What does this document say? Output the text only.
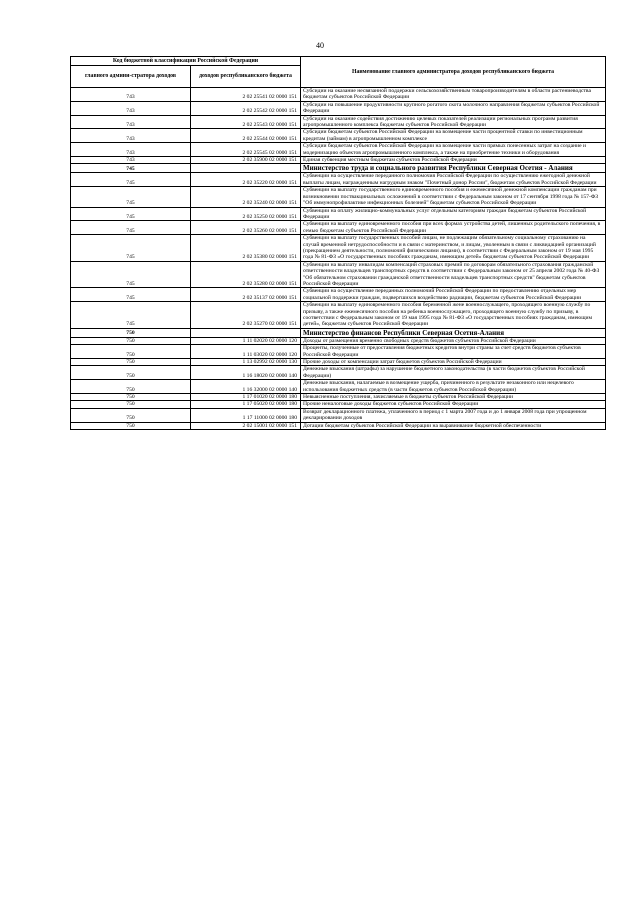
40
Код бюджетной классификации Российской Федерации		Наименование главного администратора доходов республиканского бюджета
главного админи-стратора доходов	доходов республиканского бюджета	
743	2 02 25541 02 0000 151	Субсидии на оказание несвязанной поддержки сельскохозяйственным товаропроизводителям в области растениеводства бюджетам субъектов Российской Федерации
743	2 02 25542 02 0000 151	Субсидии на повышение продуктивности крупного рогатого скота молочного направления бюджетам субъектов Российской Федерации
743	2 02 25543 02 0000 151	Субсидии на оказание содействия достижению целевых показателей реализации региональных программ развития агропромышленного комплекса бюджетам субъектов Российской Федерации
743	2 02 25544 02 0000 151	Субсидии бюджетам субъектов Российской Федерации на возмещение части процентной ставки по инвестиционным кредитам (займам) в агропромышленном комплексе
743	2 02 25545 02 0000 151	Субсидии бюджетам субъектов Российской Федерации на возмещение части прямых понесенных затрат на создание и модернизацию объектов агропромышленного комплекса, а также на приобретение техники и оборудования
743	2 02 35900 02 0000 151	Единая субвенция местным бюджетам субъектов Российской Федерации
745		Министерство труда и социального развития Республики Северная Осетия - Алания
745	2 02 35220 02 0000 151	Субвенции на осуществление переданного полномочия Российской Федерации по осуществлению ежегодной денежной выплаты лицам, награжденным нагрудным знаком "Почетный донор России", бюджетам субъектов Российской Федерации
745	2 02 35240 02 0000 151	Субвенции на выплату государственного единовременного пособия и ежемесячной денежной компенсации гражданам при возникновении поствакцинальных осложнений в соответствии с Федеральным законом от 17 сентября 1998 года № 157-ФЗ "Об иммунопрофилактике инфекционных болезней" бюджетам субъектов Российской Федерации
745	2 02 35250 02 0000 151	Субвенции на оплату жилищно-коммунальных услуг отдельным категориям граждан бюджетам субъектов Российской Федерации
745	2 02 35260 02 0000 151	Субвенции на выплату единовременного пособия при всех формах устройства детей, лишенных родительского попечения, в семью бюджетам субъектов Российской Федерации
745	2 02 35380 02 0000 151	Субвенции на выплату государственных пособий лицам, не подлежащим обязательному социальному страхованию на случай временной нетрудоспособности и в связи с материнством, и лицам, уволенным в связи с ликвидацией организаций (прекращением деятельности, полномочий физическими лицами), в соответствии с Федеральным законом от 19 мая 1995 года № 81-ФЗ «О государственных пособиях гражданам, имеющим детей» бюджетам субъектов Российской Федерации
745	2 02 35280 02 0000 151	Субвенции на выплату инвалидам компенсаций страховых премий по договорам обязательного страхования гражданской ответственности владельцев транспортных средств в соответствии с Федеральным законом от 25 апреля 2002 года № 40-ФЗ "Об обязательном страховании гражданской ответственности владельцев транспортных средств" бюджетам субъектов Российской Федерации
745	2 02 35137 02 0000 151	Субвенции на осуществление переданных полномочий Российской Федерации по предоставлению отдельных мер социальной поддержки граждан, подвергшихся воздействию радиации, бюджетам субъектов Российской Федерации
745	2 02 35270 02 0000 151	Субвенции на выплату единовременного пособия беременной жене военнослужащего, проходящего военную службу по призыву, а также ежемесячного пособия на ребенка военнослужащего, проходящего военную службу по призыву, в соответствии с Федеральным законом от 19 мая 1995 года № 81-ФЗ «О государственных пособиях гражданам, имеющим детей», бюджетам субъектов Российской Федерации
750		Министерство финансов Республики Северная Осетия-Алания
750	1 11 02020 02 0000 120	Доходы от размещения временно свободных средств бюджетов субъектов Российской Федерации
750	1 11 03020 02 0000 120	Проценты, полученные от предоставления бюджетных кредитов внутри страны за счет средств бюджетов субъектов Российской Федерации
750	1 13 02992 02 0000 130	Прочие доходы от компенсации затрат бюджетов субъектов Российской Федерации
750	1 16 18020 02 0000 140	Денежные взыскания (штрафы) за нарушение бюджетного законодательства (в части бюджетов субъектов Российской Федерации)
750	1 16 32000 02 0000 140	Денежные взыскания, налагаемые в возмещение ущерба, причиненного в результате незаконного или нецелевого использования бюджетных средств (в части бюджетов субъектов Российской Федерации)
750	1 17 01020 02 0000 180	Невыясненные поступления, зачисляемые в бюджеты субъектов Российской Федерации
750	1 17 05020 02 0000 180	Прочие неналоговые доходы бюджетов субъектов Российской Федерации
750	1 17 11000 02 0000 180	Возврат декларационного платежа, уплаченного в период с 1 марта 2007 года и до 1 января 2008 года при упрощенном декларировании доходов
750	2 02 15001 02 0000 151	Дотации бюджетам субъектов Российской Федерации на выравнивание бюджетной обеспеченности
